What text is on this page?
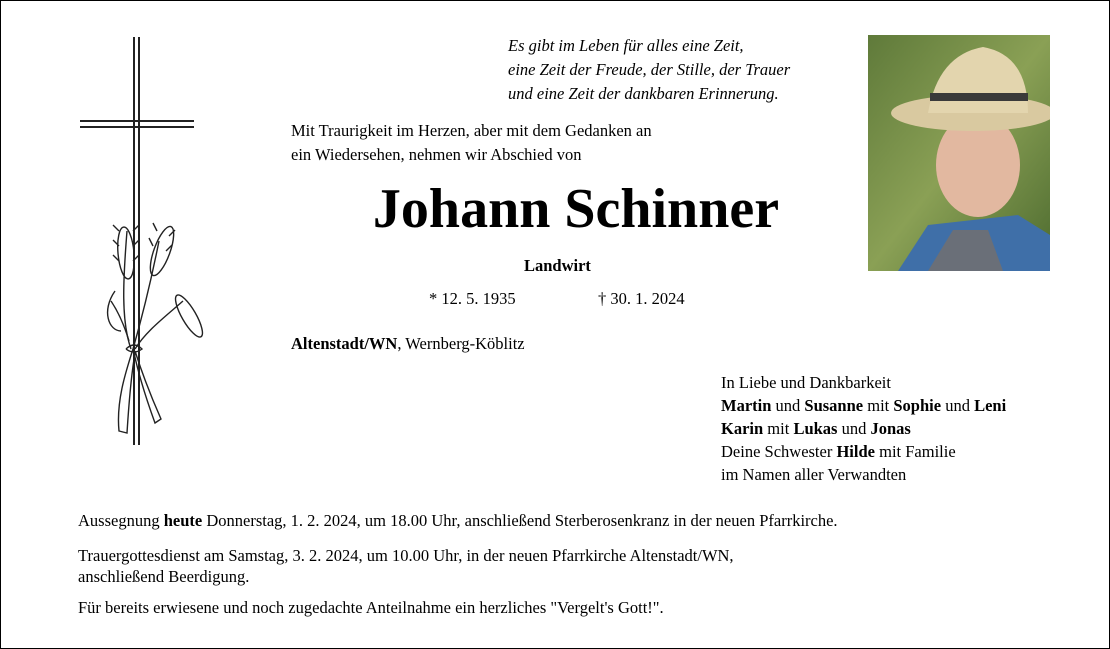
Es gibt im Leben für alles eine Zeit,
eine Zeit der Freude, der Stille, der Trauer
und eine Zeit der dankbaren Erinnerung.
Mit Traurigkeit im Herzen, aber mit dem Gedanken an
ein Wiedersehen, nehmen wir Abschied von
Johann Schinner
Landwirt
* 12. 5. 1935	† 30. 1. 2024
Altenstadt/WN, Wernberg-Köblitz
In Liebe und Dankbarkeit
Martin und Susanne mit Sophie und Leni
Karin mit Lukas und Jonas
Deine Schwester Hilde mit Familie
im Namen aller Verwandten
Aussegnung heute Donnerstag, 1. 2. 2024, um 18.00 Uhr, anschließend Sterberosenkranz in der neuen Pfarrkirche.
Trauergottesdienst am Samstag, 3. 2. 2024, um 10.00 Uhr, in der neuen Pfarrkirche Altenstadt/WN,
anschließend Beerdigung.
Für bereits erwiesene und noch zugedachte Anteilnahme ein herzliches "Vergelt's Gott!".
